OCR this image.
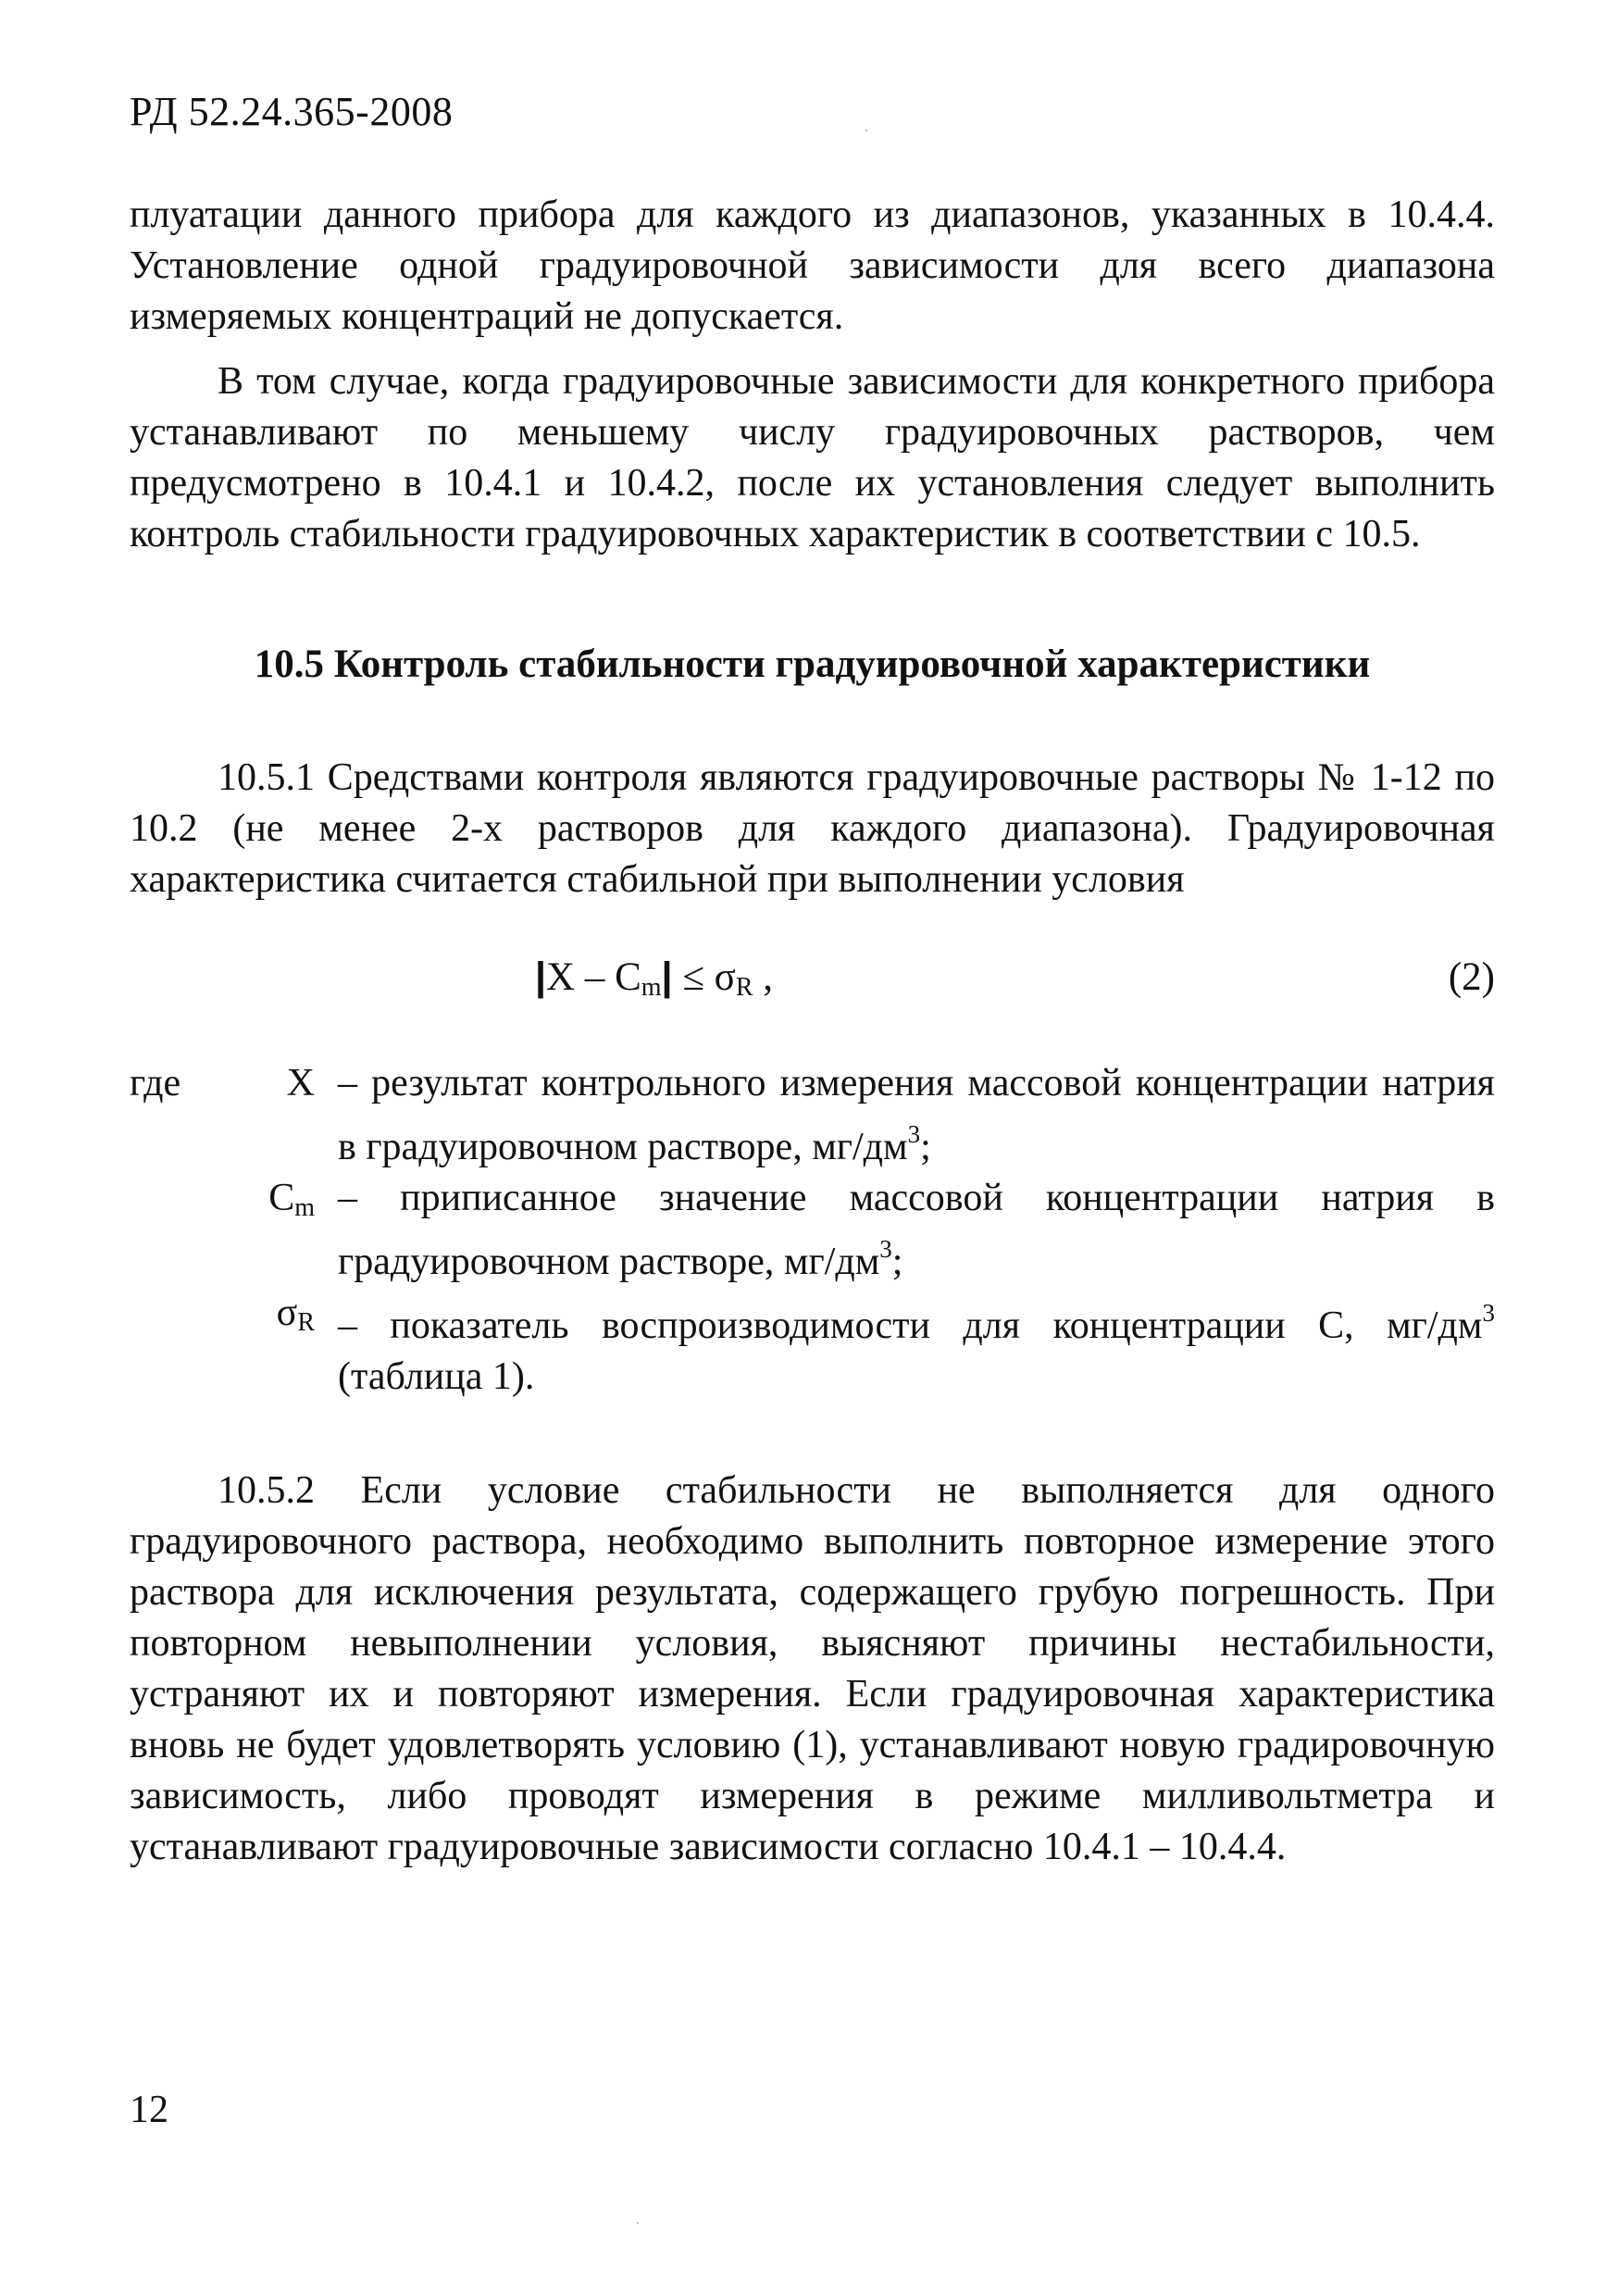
РД 52.24.365-2008

плуатации данного прибора для каждого из диапазонов, указанных в 10.4.4. Установление одной градуировочной зависимости для всего диапазона измеряемых концентраций не допускается.

В том случае, когда градуировочные зависимости для конкретного прибора устанавливают по меньшему числу градуировочных растворов, чем предусмотрено в 10.4.1 и 10.4.2, после их установления следует выполнить контроль стабильности градуировочных характеристик в соответствии с 10.5.

10.5 Контроль стабильности градуировочной характеристики

10.5.1 Средствами контроля являются градуировочные растворы № 1-12 по 10.2 (не менее 2-х растворов для каждого диапазона). Градуировочная характеристика считается стабильной при выполнении условия

$|X - C_m| \le \sigma_R$ ,	(2)
где	X – результат контрольного измерения массовой концентрации натрия в градуировочном растворе, $мг/дм^3$;
$C_m$ – приписанное значение массовой концентрации натрия в градуировочном растворе, $мг/дм^3$;
$\sigma_R$ – показатель воспроизводимости для концентрации С, $мг/дм^3$ (таблица 1).

10.5.2 Если условие стабильности не выполняется для одного градуировочного раствора, необходимо выполнить повторное измерение этого раствора для исключения результата, содержащего грубую погрешность. При повторном невыполнении условия, выясняют причины нестабильности, устраняют их и повторяют измерения. Если градуировочная характеристика вновь не будет удовлетворять условию (1), устанавливают новую градировочную зависимость, либо проводят измерения в режиме милливольтметра и устанавливают градуировочные зависимости согласно 10.4.1 – 10.4.4.

12
